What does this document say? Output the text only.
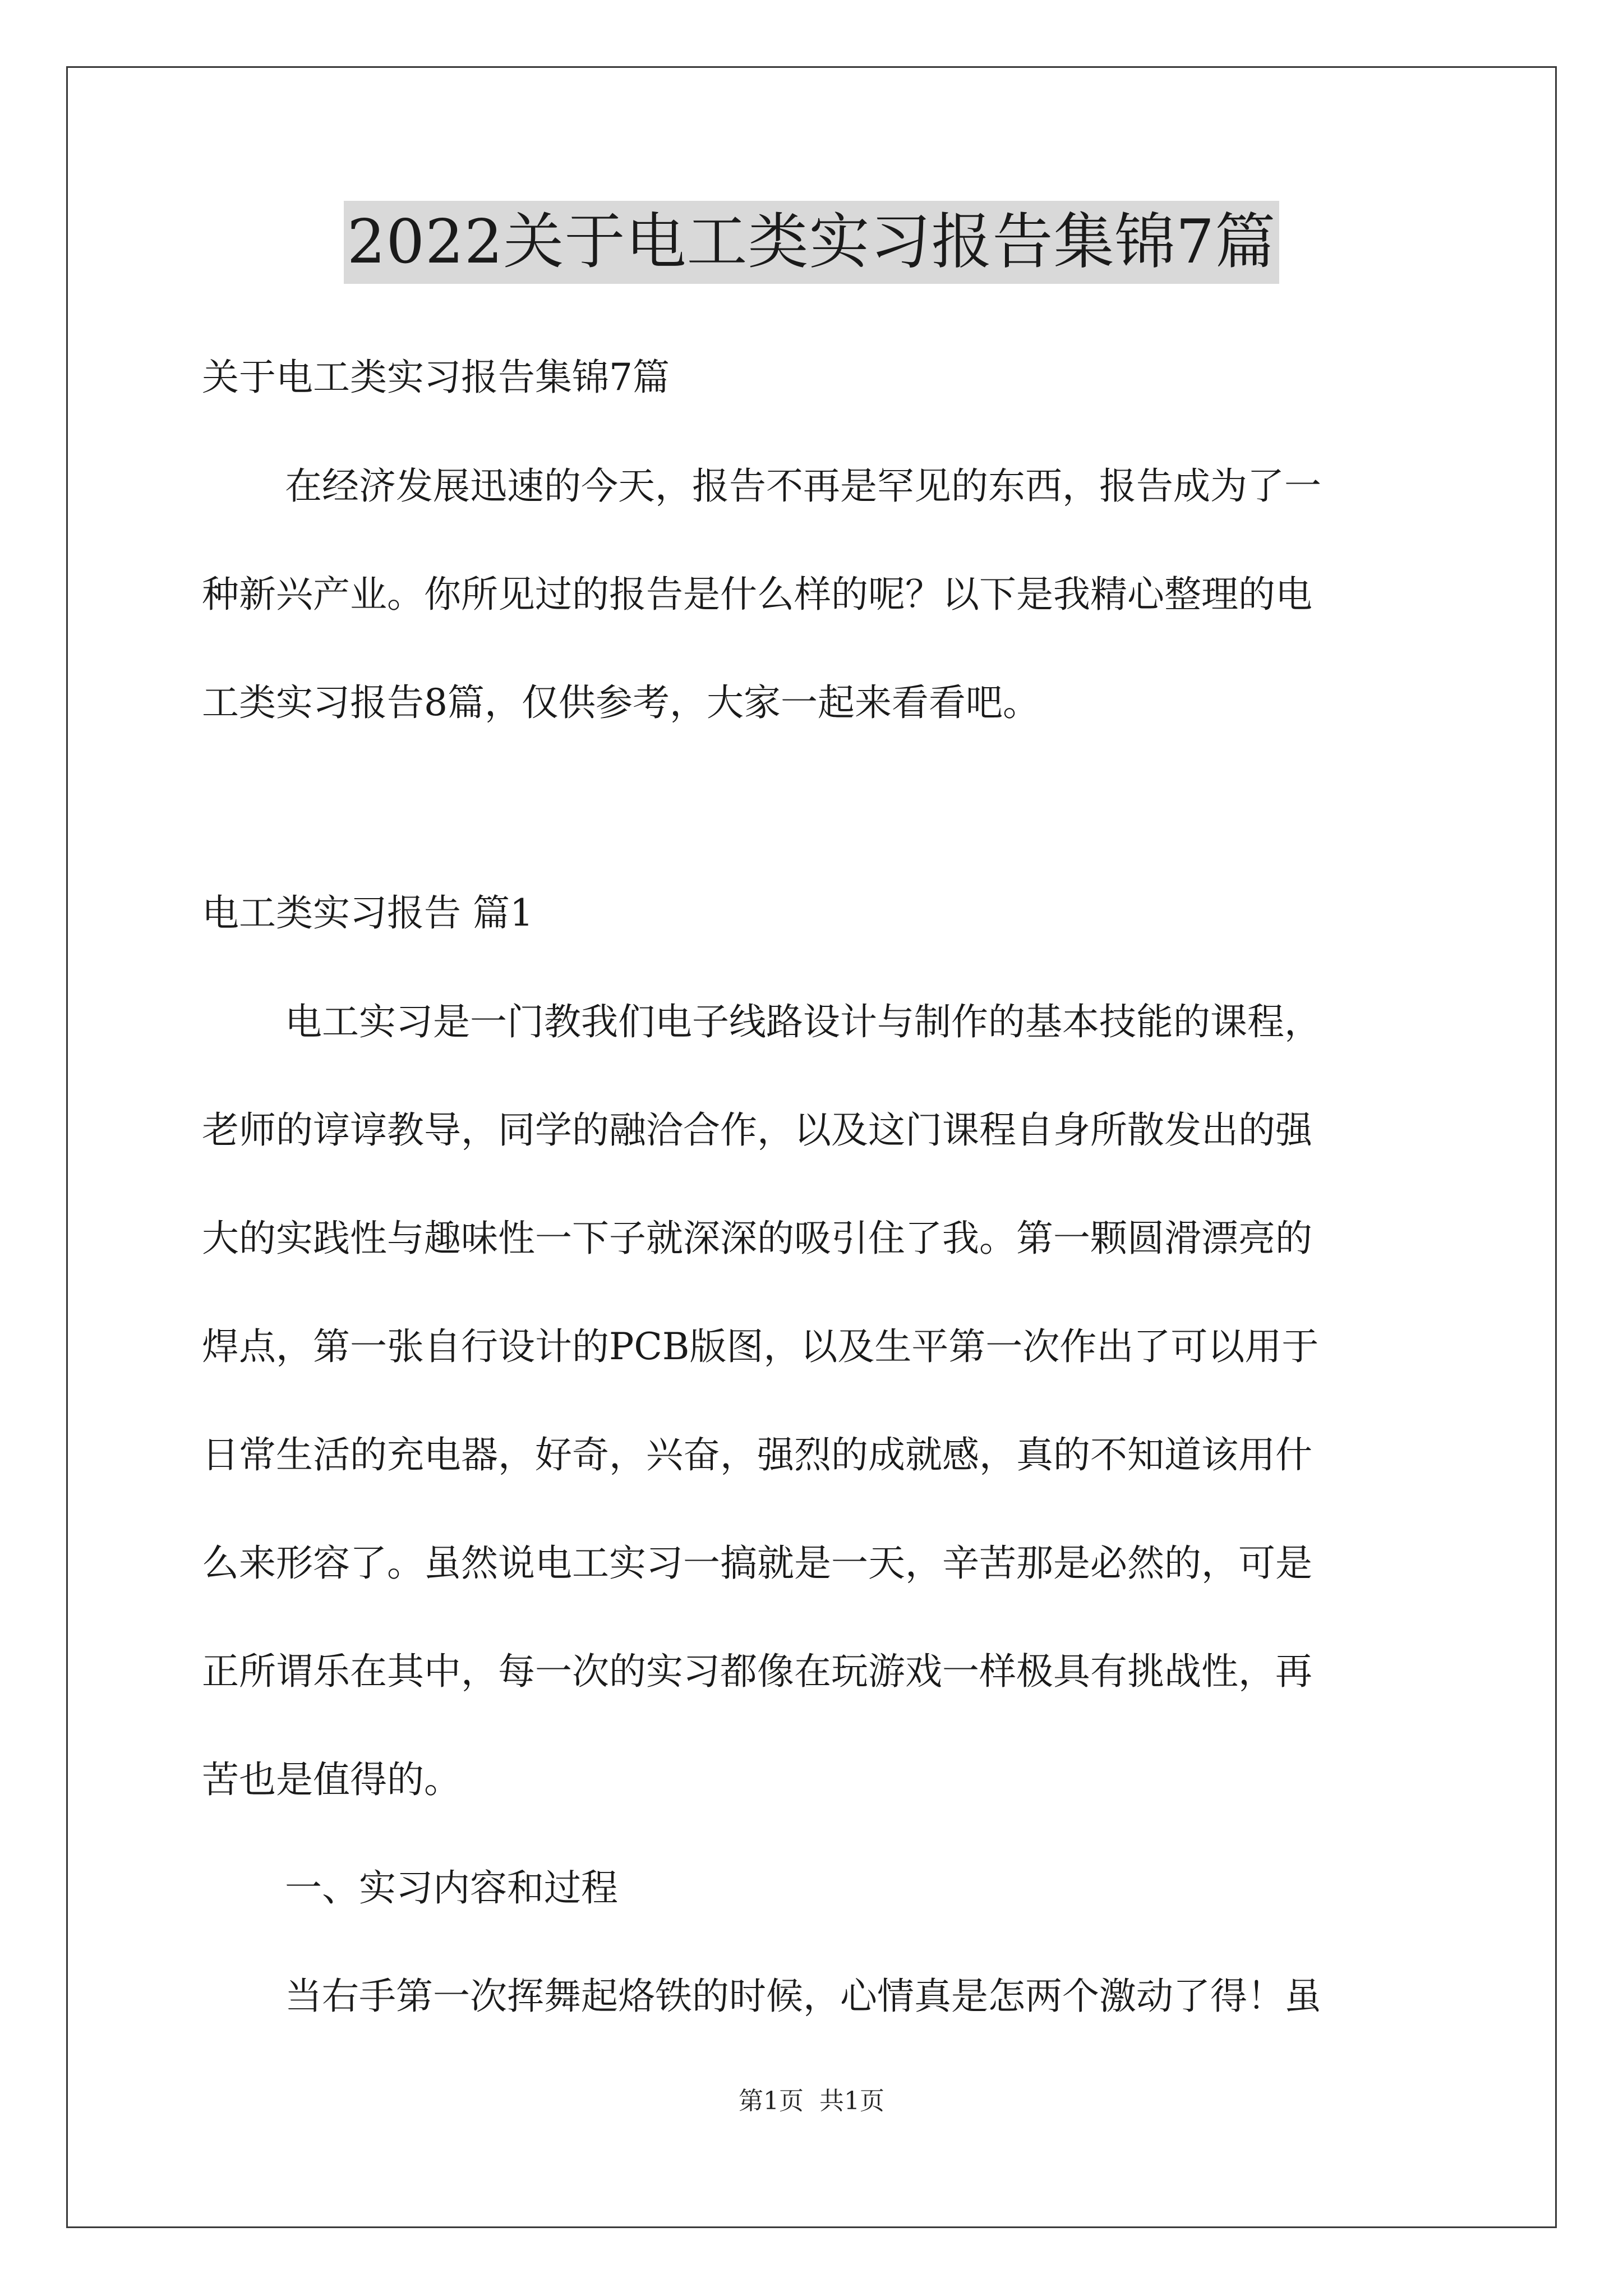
2022关于电工类实习报告集锦7篇
关于电工类实习报告集锦7篇
在经济发展迅速的今天，报告不再是罕见的东西，报告成为了一
种新兴产业。你所见过的报告是什么样的呢？以下是我精心整理的电
工类实习报告8篇，仅供参考，大家一起来看看吧。
电工类实习报告 篇1
电工实习是一门教我们电子线路设计与制作的基本技能的课程，
老师的谆谆教导，同学的融洽合作，以及这门课程自身所散发出的强
大的实践性与趣味性一下子就深深的吸引住了我。第一颗圆滑漂亮的
焊点，第一张自行设计的PCB版图，以及生平第一次作出了可以用于
日常生活的充电器，好奇，兴奋，强烈的成就感，真的不知道该用什
么来形容了。虽然说电工实习一搞就是一天，辛苦那是必然的，可是
正所谓乐在其中，每一次的实习都像在玩游戏一样极具有挑战性，再
苦也是值得的。
一、实习内容和过程
当右手第一次挥舞起烙铁的时候，心情真是怎两个激动了得！虽
第1页 共1页
